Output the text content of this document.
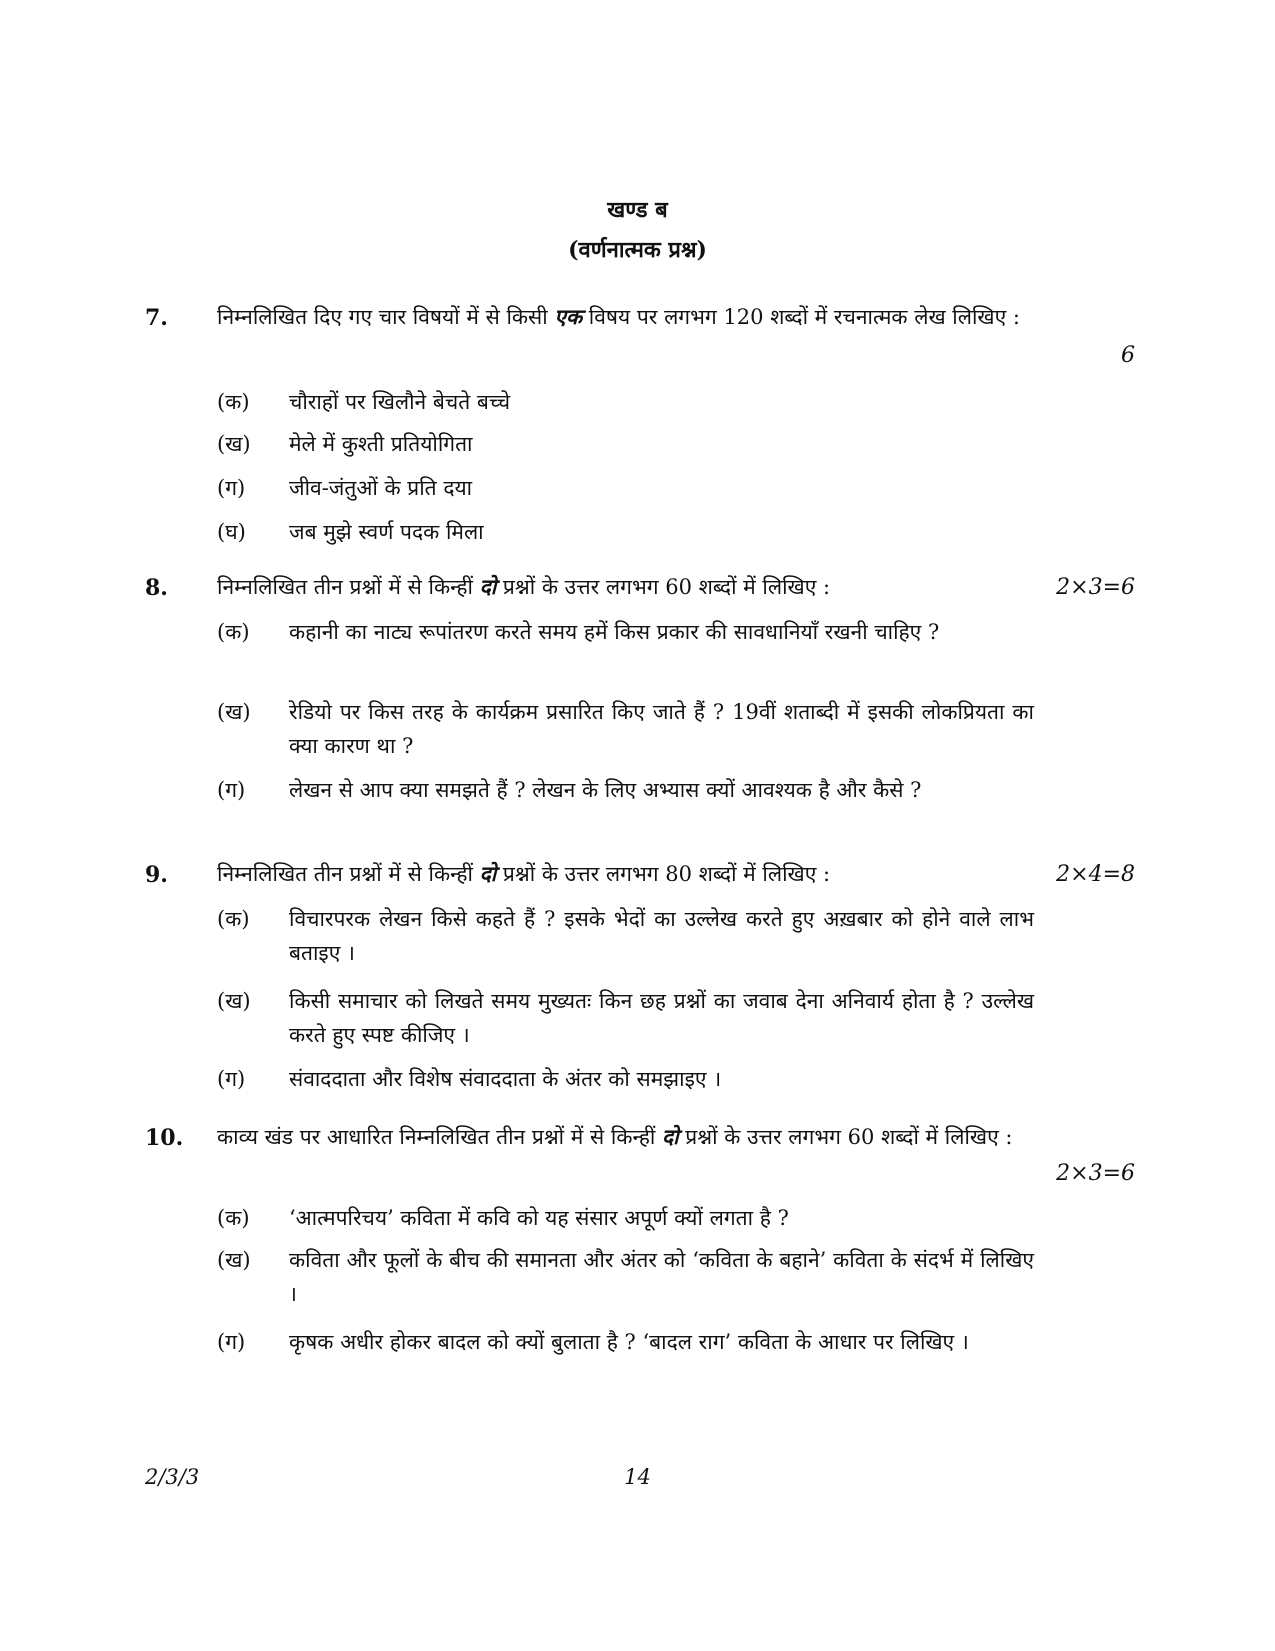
खण्ड ब
(वर्णनात्मक प्रश्न)
7. निम्नलिखित दिए गए चार विषयों में से किसी एक विषय पर लगभग 120 शब्दों में रचनात्मक लेख लिखिए :
6
(क) चौराहों पर खिलौने बेचते बच्चे
(ख) मेले में कुश्ती प्रतियोगिता
(ग) जीव-जंतुओं के प्रति दया
(घ) जब मुझे स्वर्ण पदक मिला
8. निम्नलिखित तीन प्रश्नों में से किन्हीं दो प्रश्नों के उत्तर लगभग 60 शब्दों में लिखिए :	2×3=6
(क) कहानी का नाट्य रूपांतरण करते समय हमें किस प्रकार की सावधानियाँ रखनी चाहिए ?
(ख) रेडियो पर किस तरह के कार्यक्रम प्रसारित किए जाते हैं ? 19वीं शताब्दी में इसकी लोकप्रियता का क्या कारण था ?
(ग) लेखन से आप क्या समझते हैं ? लेखन के लिए अभ्यास क्यों आवश्यक है और कैसे ?
9. निम्नलिखित तीन प्रश्नों में से किन्हीं दो प्रश्नों के उत्तर लगभग 80 शब्दों में लिखिए :	2×4=8
(क) विचारपरक लेखन किसे कहते हैं ? इसके भेदों का उल्लेख करते हुए अख़बार को होने वाले लाभ बताइए ।
(ख) किसी समाचार को लिखते समय मुख्यतः किन छह प्रश्नों का जवाब देना अनिवार्य होता है ? उल्लेख करते हुए स्पष्ट कीजिए ।
(ग) संवाददाता और विशेष संवाददाता के अंतर को समझाइए ।
10. काव्य खंड पर आधारित निम्नलिखित तीन प्रश्नों में से किन्हीं दो प्रश्नों के उत्तर लगभग 60 शब्दों में लिखिए :
2×3=6
(क) ‘आत्मपरिचय’ कविता में कवि को यह संसार अपूर्ण क्यों लगता है ?
(ख) कविता और फूलों के बीच की समानता और अंतर को ‘कविता के बहाने’ कविता के संदर्भ में लिखिए ।
(ग) कृषक अधीर होकर बादल को क्यों बुलाता है ? ‘बादल राग’ कविता के आधार पर लिखिए ।
2/3/3	14
